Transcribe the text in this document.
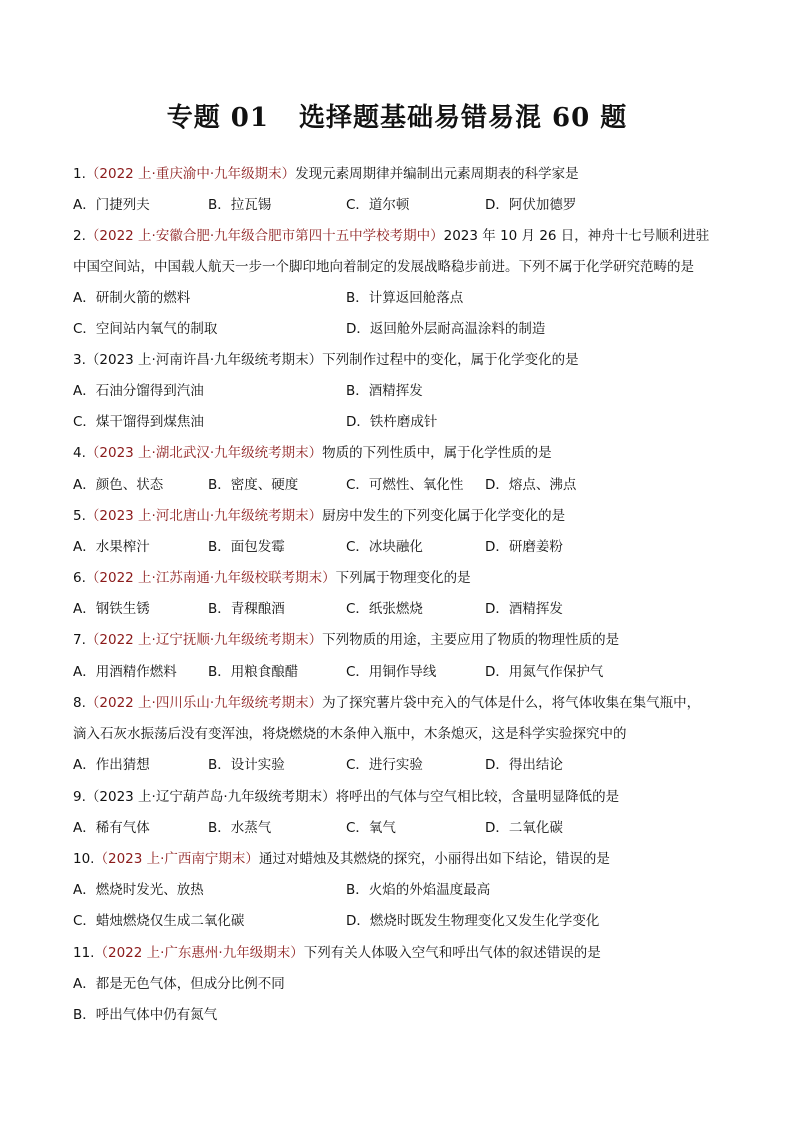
专题 01 选择题基础易错易混 60 题
1.（2022 上·重庆渝中·九年级期末）发现元素周期律并编制出元素周期表的科学家是
A．门捷列夫	B．拉瓦锡	C．道尔顿	D．阿伏加德罗
2.（2022 上·安徽合肥·九年级合肥市第四十五中学校考期中）2023 年 10 月 26 日，神舟十七号顺利进驻
中国空间站，中国载人航天一步一个脚印地向着制定的发展战略稳步前进。下列不属于化学研究范畴的是
A．研制火箭的燃料	B．计算返回舱落点
C．空间站内氧气的制取	D．返回舱外层耐高温涂料的制造
3.（2023 上·河南许昌·九年级统考期末）下列制作过程中的变化，属于化学变化的是
A．石油分馏得到汽油	B．酒精挥发
C．煤干馏得到煤焦油	D．铁杵磨成针
4.（2023 上·湖北武汉·九年级统考期末）物质的下列性质中，属于化学性质的是
A．颜色、状态	B．密度、硬度	C．可燃性、氧化性 D．熔点、沸点
5.（2023 上·河北唐山·九年级统考期末）厨房中发生的下列变化属于化学变化的是
A．水果榨汁	B．面包发霉	C．冰块融化	D．研磨姜粉
6.（2022 上·江苏南通·九年级校联考期末）下列属于物理变化的是
A．钢铁生锈	B．青稞酿酒	C．纸张燃烧	D．酒精挥发
7.（2022 上·辽宁抚顺·九年级统考期末）下列物质的用途，主要应用了物质的物理性质的是
A．用酒精作燃料 B．用粮食酿醋	C．用铜作导线	D．用氮气作保护气
8.（2022 上·四川乐山·九年级统考期末）为了探究薯片袋中充入的气体是什么，将气体收集在集气瓶中，
滴入石灰水振荡后没有变浑浊，将烧燃烧的木条伸入瓶中，木条熄灭，这是科学实验探究中的
A．作出猜想	B．设计实验	C．进行实验	D．得出结论
9.（2023 上·辽宁葫芦岛·九年级统考期末）将呼出的气体与空气相比较，含量明显降低的是
A．稀有气体	B．水蒸气	C．氧气	D．二氧化碳
10.（2023 上·广西南宁期末）通过对蜡烛及其燃烧的探究，小丽得出如下结论，错误的是
A．燃烧时发光、放热	B．火焰的外焰温度最高
C．蜡烛燃烧仅生成二氧化碳	D．燃烧时既发生物理变化又发生化学变化
11.（2022 上·广东惠州·九年级期末）下列有关人体吸入空气和呼出气体的叙述错误的是
A．都是无色气体，但成分比例不同
B．呼出气体中仍有氮气
